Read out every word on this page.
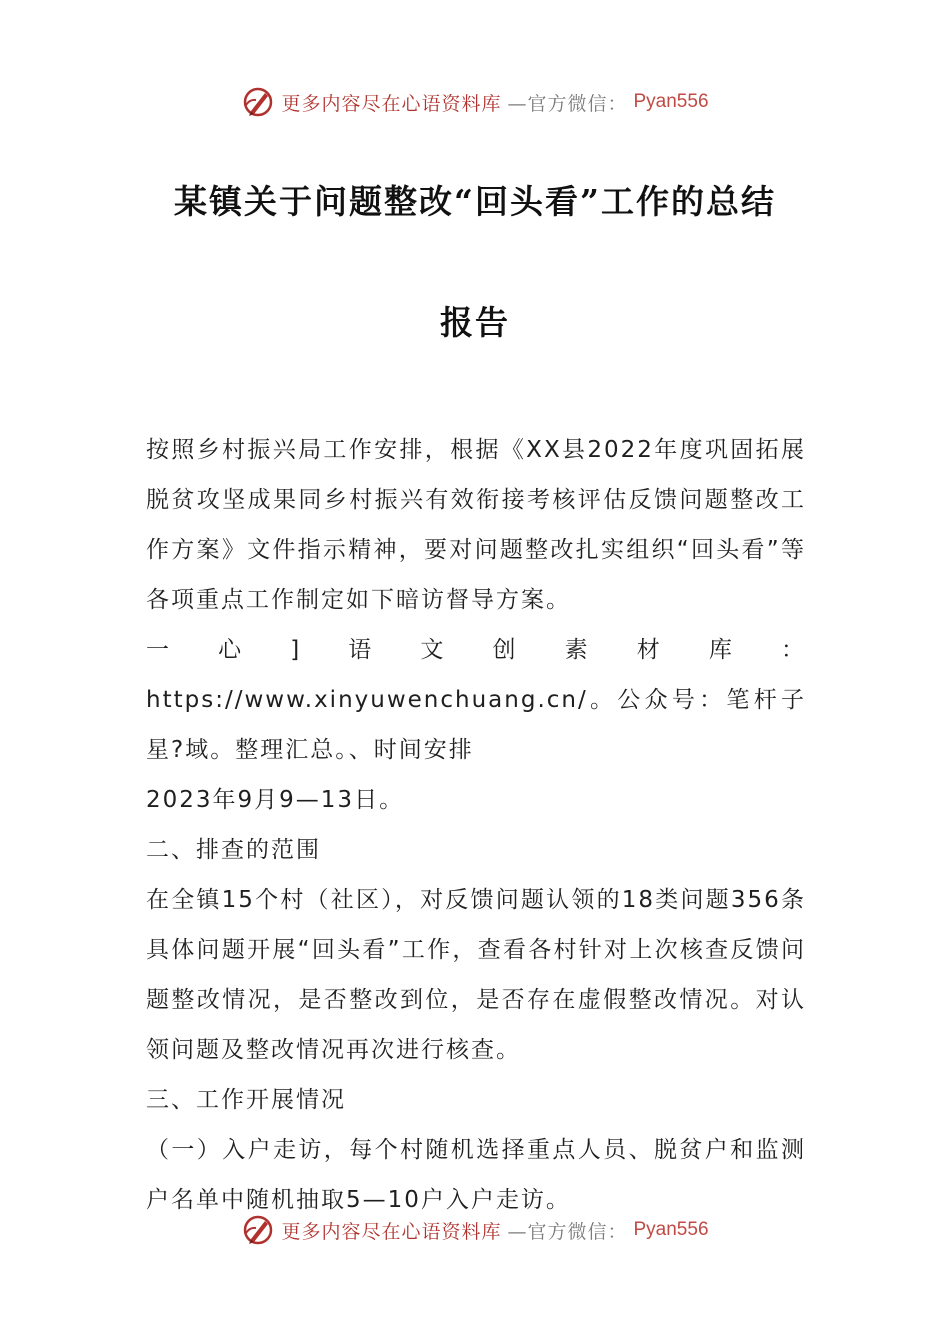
更多内容尽在心语资料库 —官方微信： Pyan556
某镇关于问题整改“回头看”工作的总结
报告

按照乡村振兴局工作安排，根据《XX县2022年度巩固拓展脱贫攻坚成果同乡村振兴有效衔接考核评估反馈问题整改工作方案》文件指示精神，要对问题整改扎实组织“回头看”等各项重点工作制定如下暗访督导方案。

一心]语文创素材库：https://www.xinyuwenchuang.cn/。公众号：笔杆子星?域。整理汇总。、时间安排

2023年9月9—13日。

二、排查的范围

在全镇15个村（社区），对反馈问题认领的18类问题356条具体问题开展“回头看”工作，查看各村针对上次核查反馈问题整改情况，是否整改到位，是否存在虚假整改情况。对认领问题及整改情况再次进行核查。

三、工作开展情况

（一）入户走访，每个村随机选择重点人员、脱贫户和监测户名单中随机抽取5—10户入户走访。

更多内容尽在心语资料库 —官方微信： Pyan556
